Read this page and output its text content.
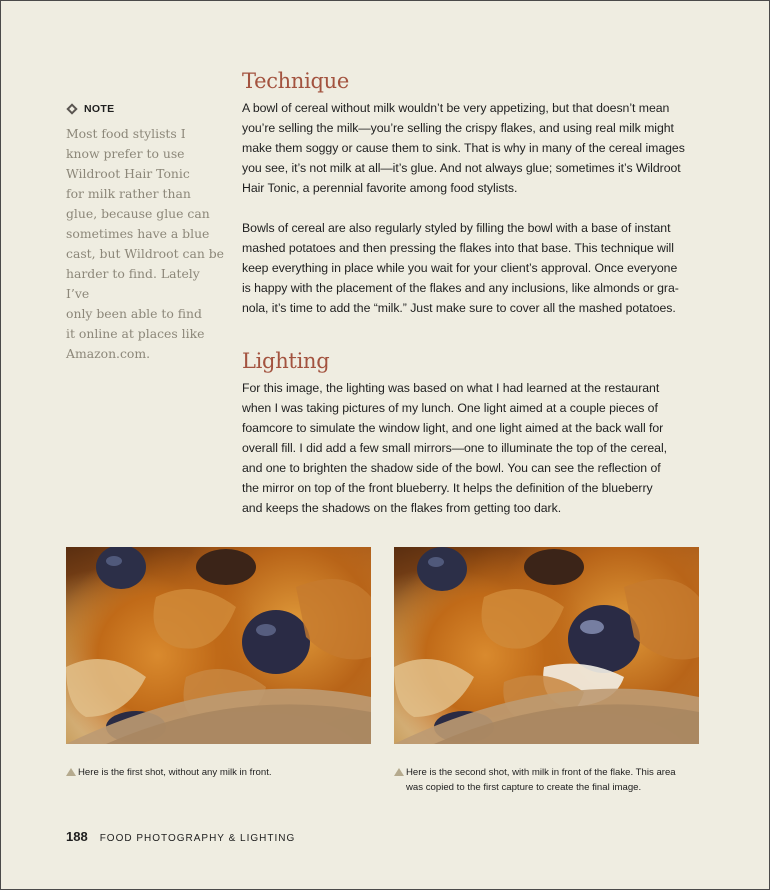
NOTE
Most food stylists I
know prefer to use
Wildroot Hair Tonic
for milk rather than
glue, because glue can
sometimes have a blue
cast, but Wildroot can be
harder to find. Lately I’ve
only been able to find
it online at places like
Amazon.com.
Technique

A bowl of cereal without milk wouldn’t be very appetizing, but that doesn’t mean
you’re selling the milk—you’re selling the crispy flakes, and using real milk might
make them soggy or cause them to sink. That is why in many of the cereal images
you see, it’s not milk at all—it’s glue. And not always glue; sometimes it’s Wildroot
Hair Tonic, a perennial favorite among food stylists.

Bowls of cereal are also regularly styled by filling the bowl with a base of instant
mashed potatoes and then pressing the flakes into that base. This technique will
keep everything in place while you wait for your client’s approval. Once everyone
is happy with the placement of the flakes and any inclusions, like almonds or gra-
nola, it’s time to add the “milk.” Just make sure to cover all the mashed potatoes.

Lighting

For this image, the lighting was based on what I had learned at the restaurant
when I was taking pictures of my lunch. One light aimed at a couple pieces of
foamcore to simulate the window light, and one light aimed at the back wall for
overall fill. I did add a few small mirrors—one to illuminate the top of the cereal,
and one to brighten the shadow side of the bowl. You can see the reflection of
the mirror on top of the front blueberry. It helps the definition of the blueberry
and keeps the shadows on the flakes from getting too dark.

Here is the first shot, without any milk in front.	Here is the second shot, with milk in front of the flake. This area
was copied to the first capture to create the final image.
188 FOOD PHOTOGRAPHY & LIGHTING
